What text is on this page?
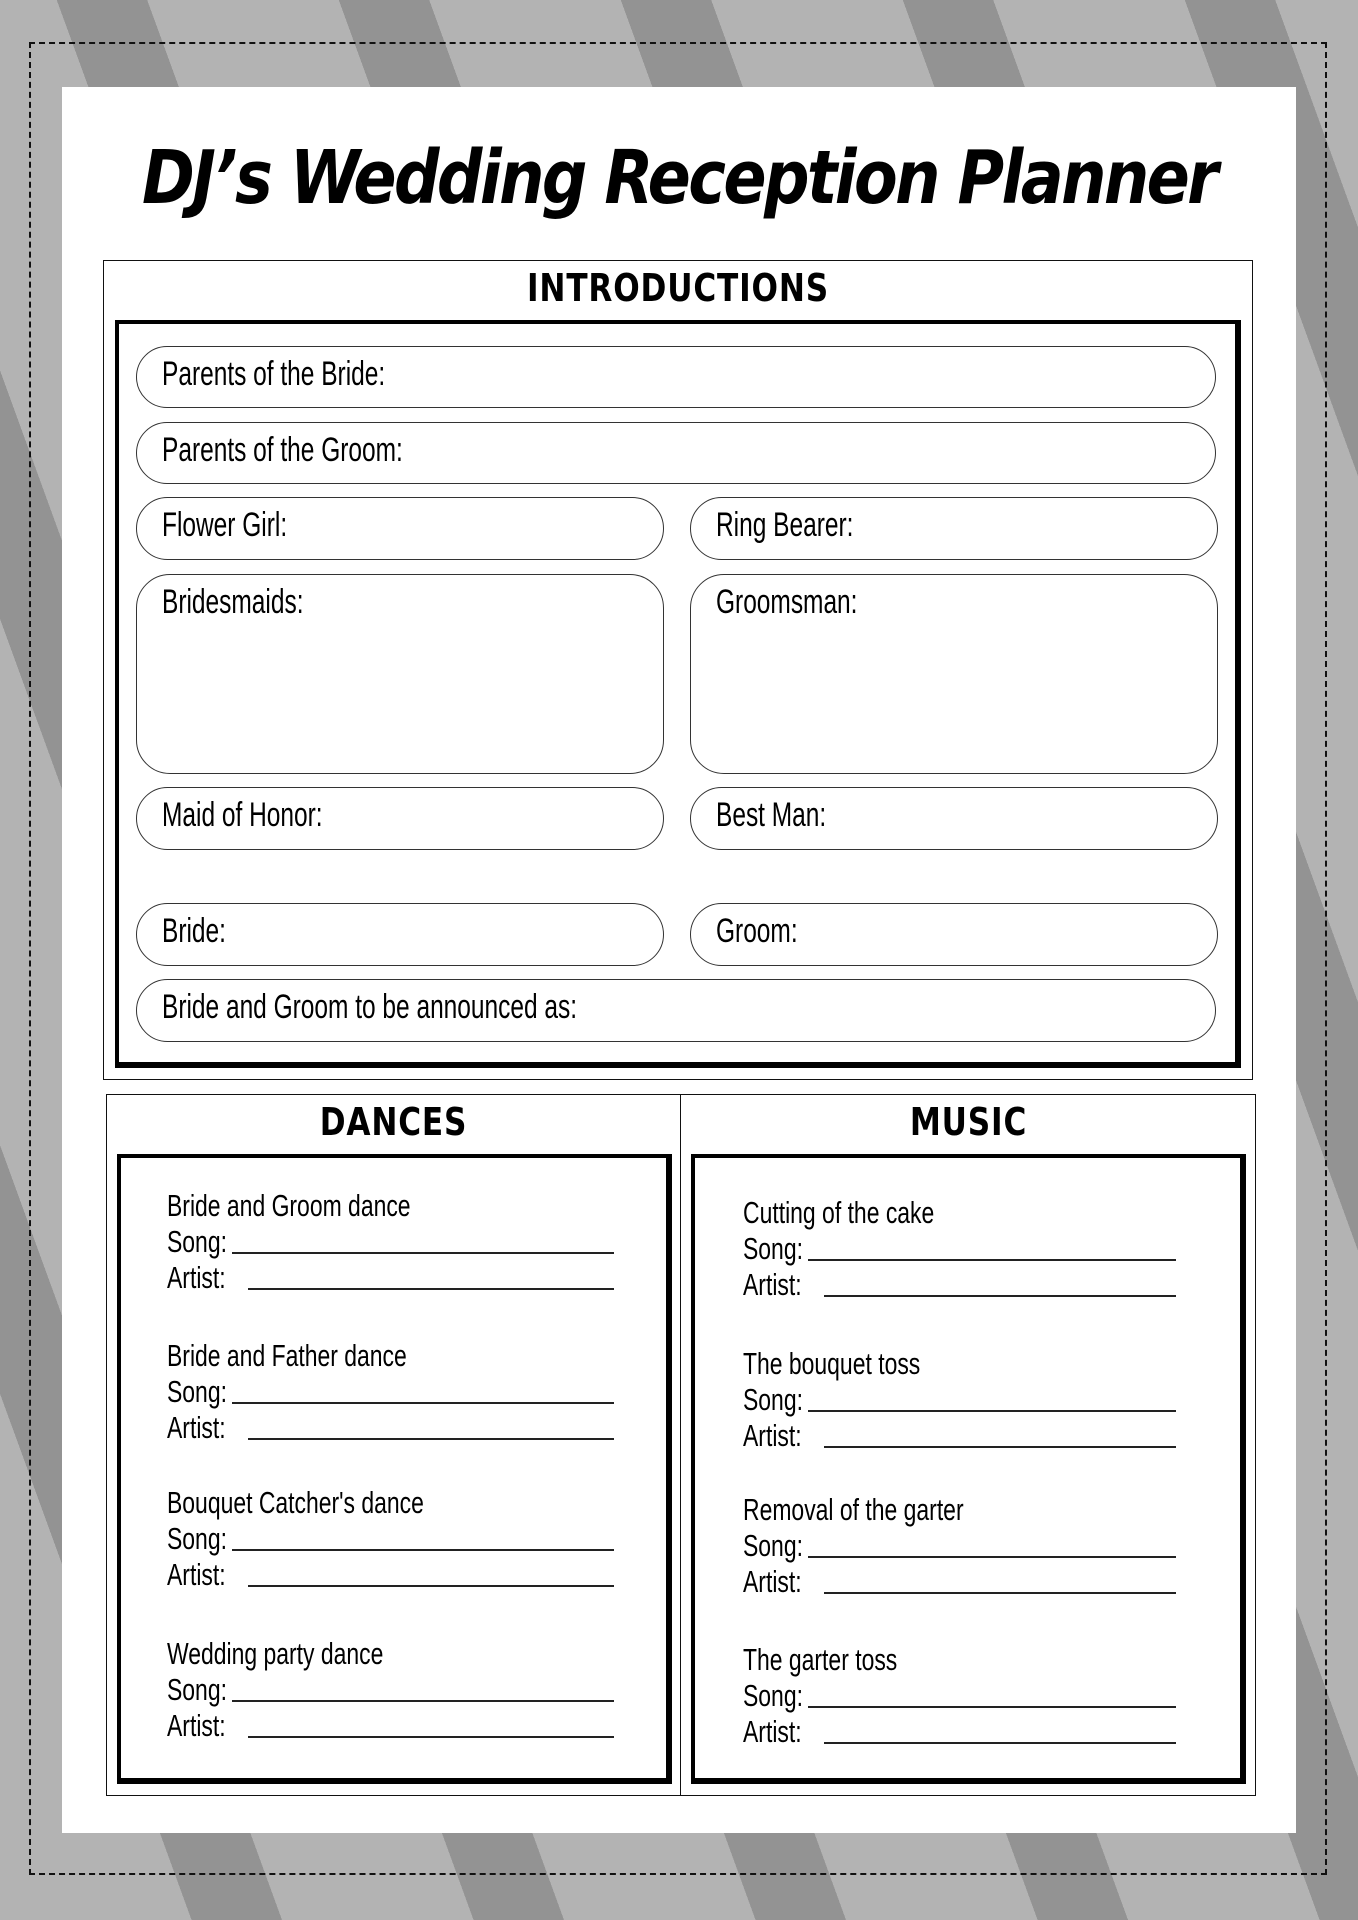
DJ’s Wedding Reception Planner
INTRODUCTIONS
Parents of the Bride:
Parents of the Groom:
Flower Girl:	Ring Bearer:
Bridesmaids:	Groomsman:
Maid of Honor:	Best Man:
Bride:	Groom:
Bride and Groom to be announced as:
DANCES	MUSIC
Bride and Groom dance
Song:
Artist:
Bride and Father dance
Song:
Artist:
Bouquet Catcher's dance
Song:
Artist:
Wedding party dance
Song:
Artist:
Cutting of the cake
Song:
Artist:
The bouquet toss
Song:
Artist:
Removal of the garter
Song:
Artist:
The garter toss
Song:
Artist:
